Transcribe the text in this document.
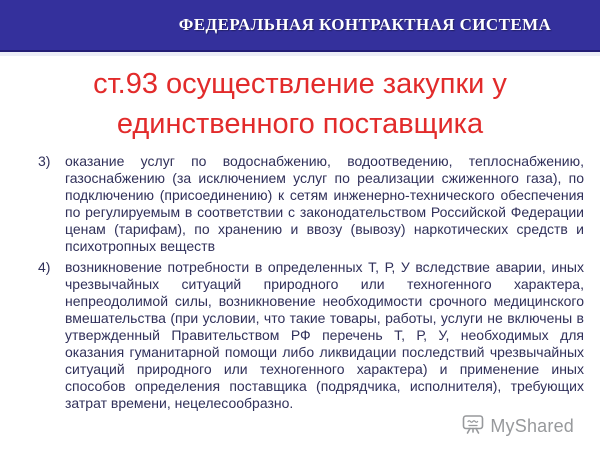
ФЕДЕРАЛЬНАЯ КОНТРАКТНАЯ СИСТЕМА
ст.93 осуществление закупки у
единственного поставщика
3)	оказание услуг по водоснабжению, водоотведению, теплоснабжению, газоснабжению (за исключением услуг по реализации сжиженного газа), по подключению (присоединению) к сетям инженерно-технического обеспечения по регулируемым в соответствии с законодательством Российской Федерации ценам (тарифам), по хранению и ввозу (вывозу) наркотических средств и психотропных веществ
4)	возникновение потребности в определенных Т, Р, У вследствие аварии, иных чрезвычайных ситуаций природного или техногенного характера, непреодолимой силы, возникновение необходимости срочного медицинского вмешательства (при условии, что такие товары, работы, услуги не включены в утвержденный Правительством РФ перечень Т, Р, У, необходимых для оказания гуманитарной помощи либо ликвидации последствий чрезвычайных ситуаций природного или техногенного характера) и применение иных способов определения поставщика (подрядчика, исполнителя), требующих затрат времени, нецелесообразно.
MyShared
